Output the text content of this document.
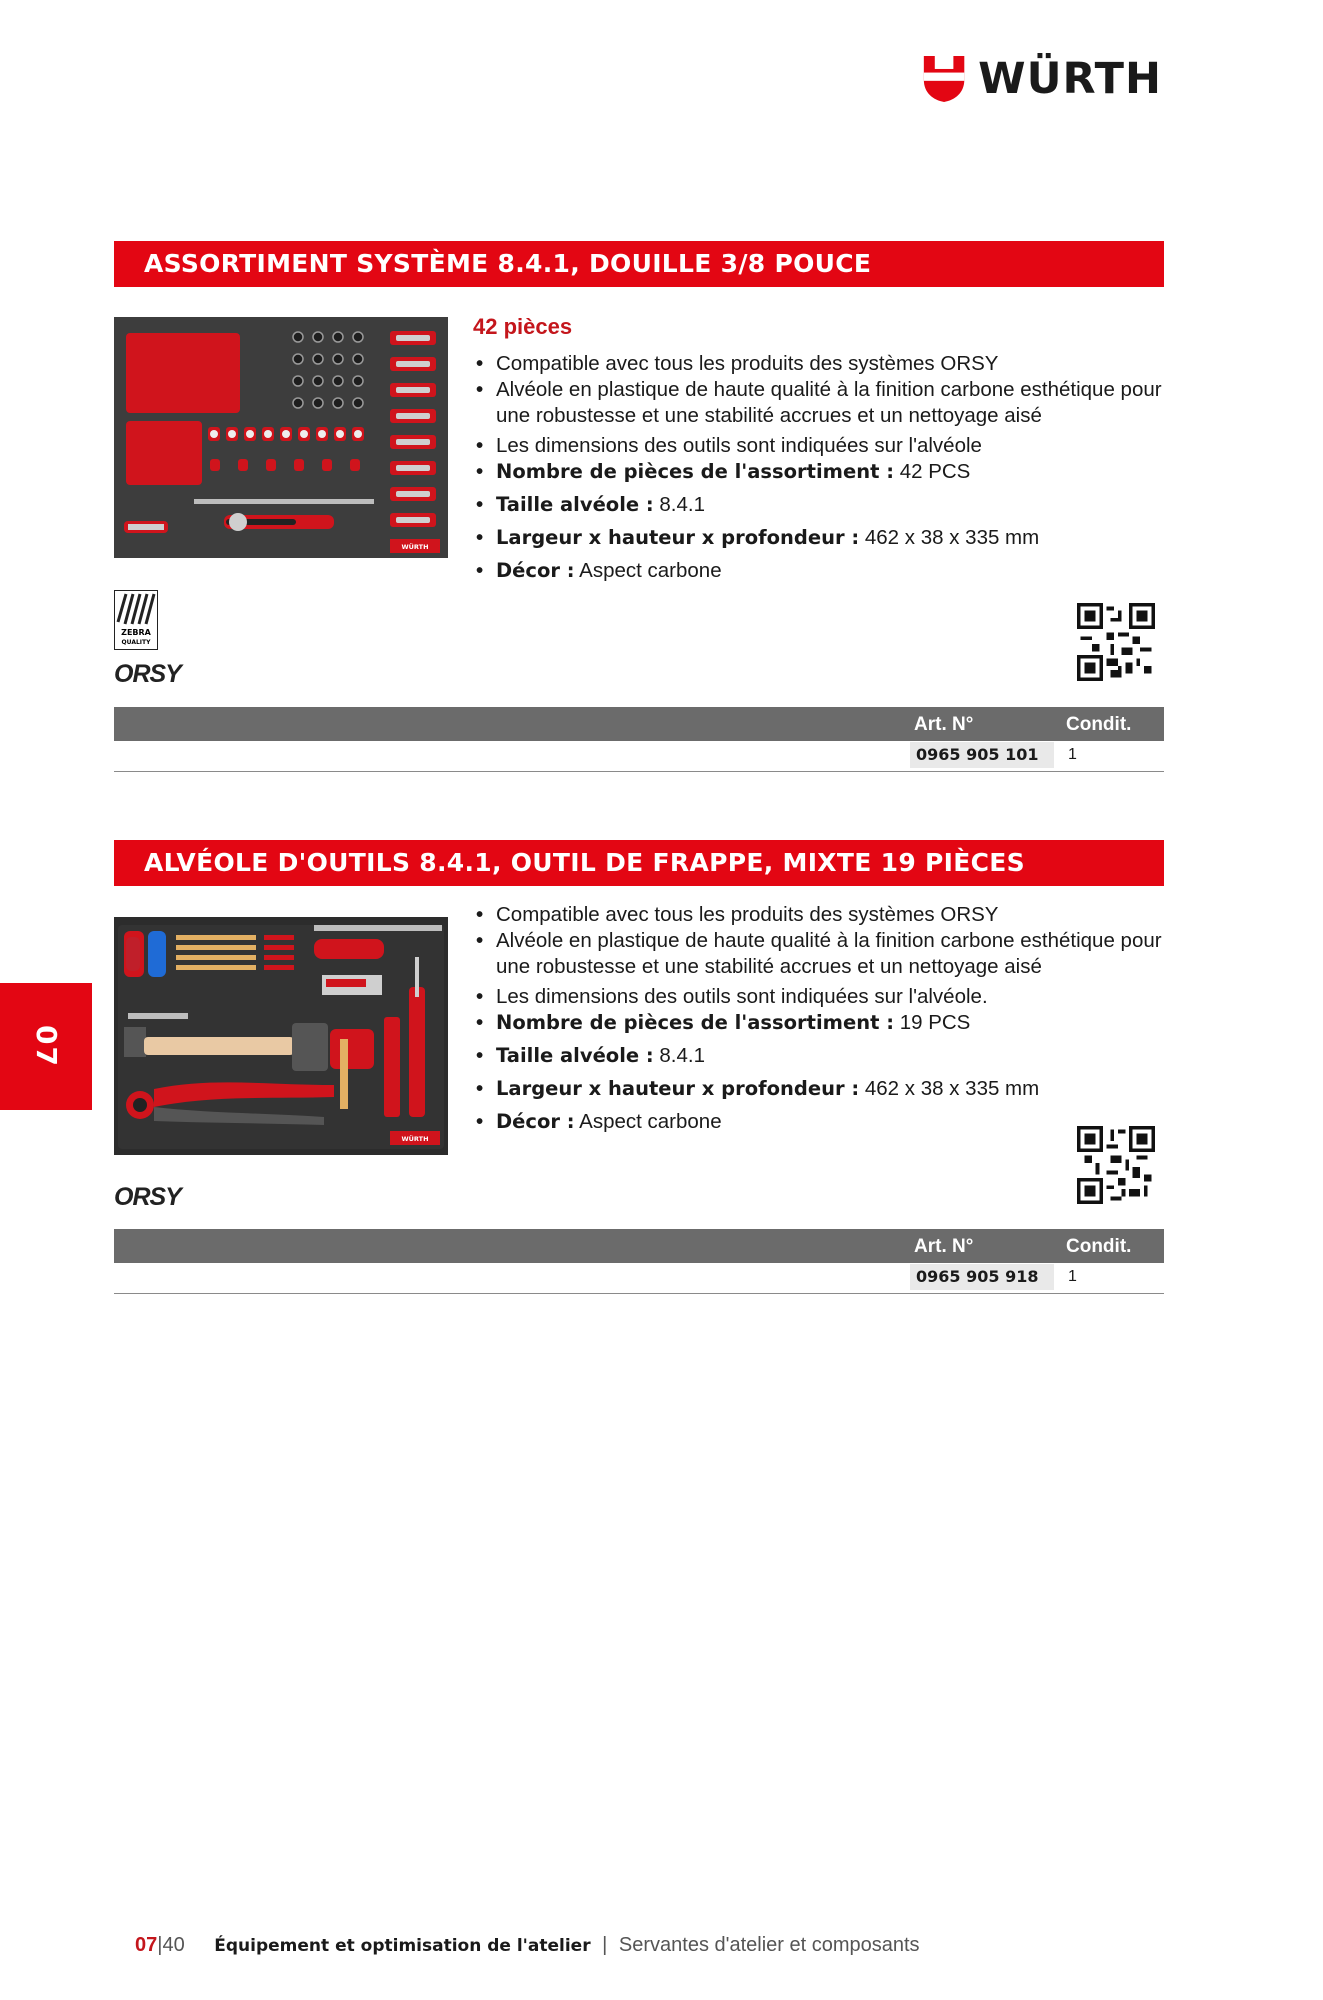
WÜRTH
ASSORTIMENT SYSTÈME 8.4.1, DOUILLE 3/8 POUCE
WÜRTH
42 pièces
• Compatible avec tous les produits des systèmes ORSY
• Alvéole en plastique de haute qualité à la finition carbone esthétique pour une robustesse et une stabilité accrues et un nettoyage aisé
• Les dimensions des outils sont indiquées sur l'alvéole
• Nombre de pièces de l'assortiment : 42 PCS
• Taille alvéole : 8.4.1
• Largeur x hauteur x profondeur : 462 x 38 x 335 mm
• Décor : Aspect carbone
ZEBRA
QUALITY
ORSY
Art. N°	Condit.
0965 905 101	1
ALVÉOLE D'OUTILS 8.4.1, OUTIL DE FRAPPE, MIXTE 19 PIÈCES
WÜRTH
• Compatible avec tous les produits des systèmes ORSY
• Alvéole en plastique de haute qualité à la finition carbone esthétique pour une robustesse et une stabilité accrues et un nettoyage aisé
• Les dimensions des outils sont indiquées sur l'alvéole.
• Nombre de pièces de l'assortiment : 19 PCS
• Taille alvéole : 8.4.1
• Largeur x hauteur x profondeur : 462 x 38 x 335 mm
• Décor : Aspect carbone
ORSY
Art. N°	Condit.
0965 905 918	1
07
07|40 Équipement et optimisation de l'atelier | Servantes d'atelier et composants
